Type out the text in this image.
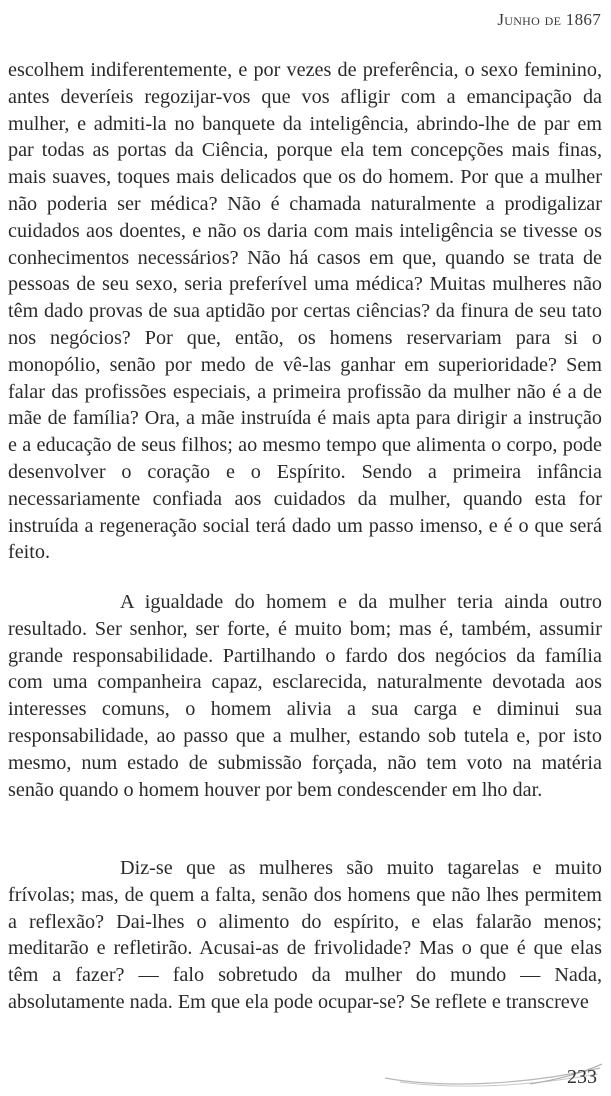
Junho de 1867

escolhem indiferentemente, e por vezes de preferência, o sexo feminino, antes deveríeis regozijar-vos que vos afligir com a emancipação da mulher, e admiti-la no banquete da inteligência, abrindo-lhe de par em par todas as portas da Ciência, porque ela tem concepções mais finas, mais suaves, toques mais delicados que os do homem. Por que a mulher não poderia ser médica? Não é chamada naturalmente a prodigalizar cuidados aos doentes, e não os daria com mais inteligência se tivesse os conhecimentos necessários? Não há casos em que, quando se trata de pessoas de seu sexo, seria preferível uma médica? Muitas mulheres não têm dado provas de sua aptidão por certas ciências? da finura de seu tato nos negócios? Por que, então, os homens reservariam para si o monopólio, senão por medo de vê-las ganhar em superioridade? Sem falar das profissões especiais, a primeira profissão da mulher não é a de mãe de família? Ora, a mãe instruída é mais apta para dirigir a instrução e a educação de seus filhos; ao mesmo tempo que alimenta o corpo, pode desenvolver o coração e o Espírito. Sendo a primeira infância necessariamente confiada aos cuidados da mulher, quando esta for instruída a regeneração social terá dado um passo imenso, e é o que será feito.

A igualdade do homem e da mulher teria ainda outro resultado. Ser senhor, ser forte, é muito bom; mas é, também, assumir grande responsabilidade. Partilhando o fardo dos negócios da família com uma companheira capaz, esclarecida, naturalmente devotada aos interesses comuns, o homem alivia a sua carga e diminui sua responsabilidade, ao passo que a mulher, estando sob tutela e, por isto mesmo, num estado de submissão forçada, não tem voto na matéria senão quando o homem houver por bem condescender em lho dar.

Diz-se que as mulheres são muito tagarelas e muito frívolas; mas, de quem a falta, senão dos homens que não lhes permitem a reflexão? Dai-lhes o alimento do espírito, e elas falarão menos; meditarão e refletirão. Acusai-as de frivolidade? Mas o que é que elas têm a fazer? — falo sobretudo da mulher do mundo — Nada, absolutamente nada. Em que ela pode ocupar-se? Se reflete e transcreve

233
